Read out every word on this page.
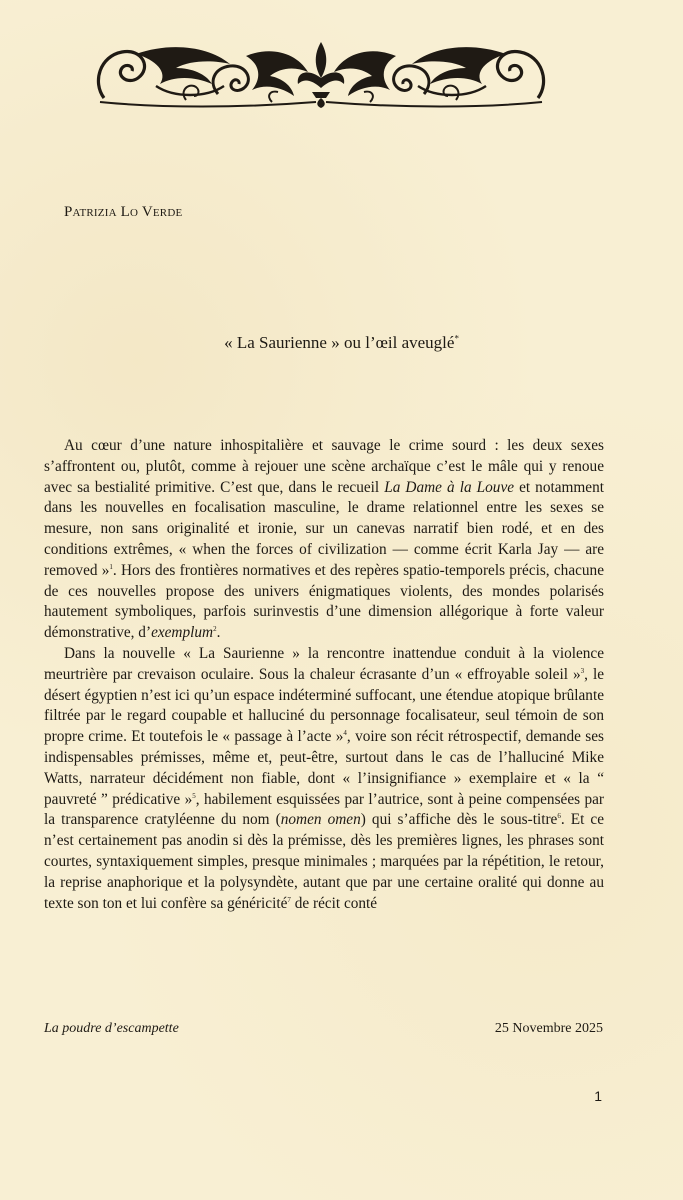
Patrizia Lo Verde
« La Saurienne » ou l’œil aveuglé*

Au cœur d’une nature inhospitalière et sauvage le crime sourd : les deux sexes s’affrontent ou, plutôt, comme à rejouer une scène archaïque c’est le mâle qui y renoue avec sa bestialité primitive. C’est que, dans le recueil La Dame à la Louve et notamment dans les nouvelles en focalisation masculine, le drame relationnel entre les sexes se mesure, non sans originalité et ironie, sur un canevas narratif bien rodé, et en des conditions extrêmes, « when the forces of civilization — comme écrit Karla Jay — are removed »$^1$. Hors des frontières normatives et des repères spatio-temporels précis, chacune de ces nouvelles propose des univers énigmatiques violents, des mondes polarisés hautement symboliques, parfois surinvestis d’une dimension allégorique à forte valeur démonstrative, d’exemplum$^2$.

Dans la nouvelle « La Saurienne » la rencontre inattendue conduit à la violence meurtrière par crevaison oculaire. Sous la chaleur écrasante d’un « effroyable soleil »$^3$, le désert égyptien n’est ici qu’un espace indéterminé suffocant, une étendue atopique brûlante filtrée par le regard coupable et halluciné du personnage focalisateur, seul témoin de son propre crime. Et toutefois le « passage à l’acte »$^4$, voire son récit rétrospectif, demande ses indispensables prémisses, même et, peut-être, surtout dans le cas de l’halluciné Mike Watts, narrateur décidément non fiable, dont « l’insignifiance » exemplaire et « la “ pauvreté ” prédicative »$^5$, habilement esquissées par l’autrice, sont à peine compensées par la transparence cratyléenne du nom (nomen omen) qui s’affiche dès le sous-titre$^6$. Et ce n’est certainement pas anodin si dès la prémisse, dès les premières lignes, les phrases sont courtes, syntaxiquement simples, presque minimales ; marquées par la répétition, le retour, la reprise anaphorique et la polysyndète, autant que par une certaine oralité qui donne au texte son ton et lui confère sa généricité$^7$ de récit conté

La poudre d’escampette	25 Novembre 2025
1
